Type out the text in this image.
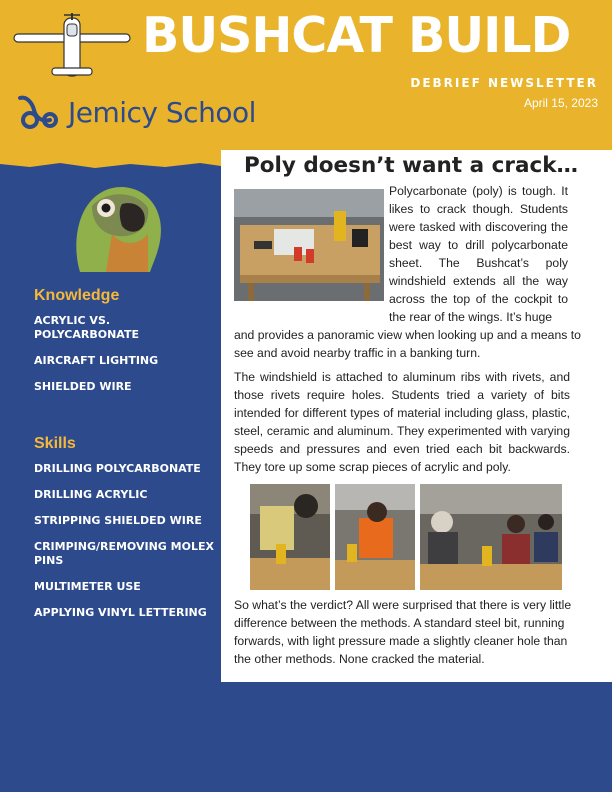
BUSHCAT BUILD
DEBRIEF NEWSLETTER
April 15, 2023
Jemicy School
Knowledge
ACRYLIC VS. POLYCARBONATE
AIRCRAFT LIGHTING
SHIELDED WIRE
Skills
DRILLING POLYCARBONATE
DRILLING ACRYLIC
STRIPPING SHIELDED WIRE
CRIMPING/REMOVING MOLEX PINS
MULTIMETER USE
APPLYING VINYL LETTERING
Poly doesn’t want a crack…

Polycarbonate (poly) is tough. It likes to crack though. Students were tasked with discovering the best way to drill polycarbonate sheet. The Bushcat’s poly windshield extends all the way across the top of the cockpit to the rear of the wings. It’s huge

and provides a panoramic view when looking up and a means to see and avoid nearby traffic in a banking turn.

The windshield is attached to aluminum ribs with rivets, and those rivets require holes. Students tried a variety of bits intended for different types of material including glass, plastic, steel, ceramic and aluminum. They experimented with varying speeds and pressures and even tried each bit backwards. They tore up some scrap pieces of acrylic and poly.

So what’s the verdict? All were surprised that there is very little difference between the methods. A standard steel bit, running forwards, with light pressure made a slightly cleaner hole than the other methods. None cracked the material.
